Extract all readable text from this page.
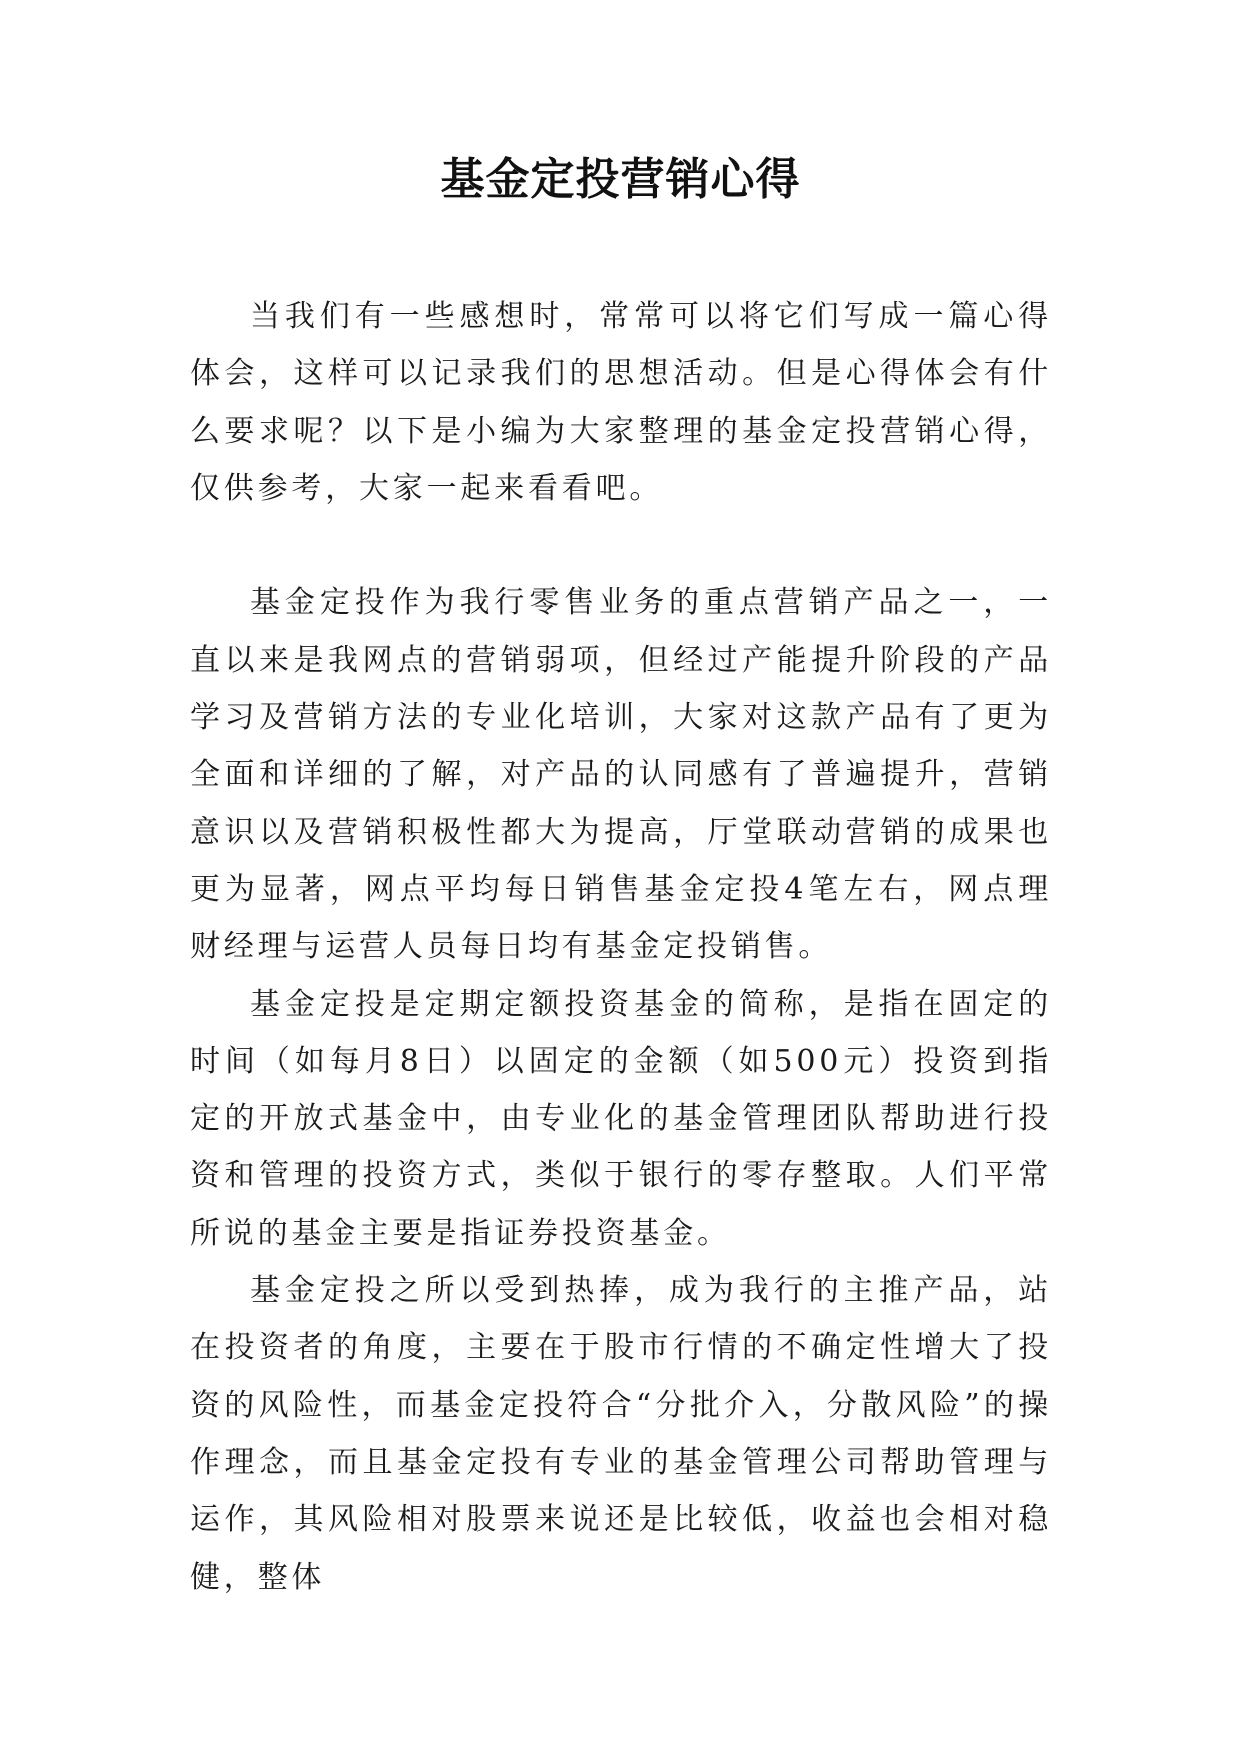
基金定投营销心得

当我们有一些感想时，常常可以将它们写成一篇心得体会，这样可以记录我们的思想活动。但是心得体会有什么要求呢？以下是小编为大家整理的基金定投营销心得，仅供参考，大家一起来看看吧。

基金定投作为我行零售业务的重点营销产品之一，一直以来是我网点的营销弱项，但经过产能提升阶段的产品学习及营销方法的专业化培训，大家对这款产品有了更为全面和详细的了解，对产品的认同感有了普遍提升，营销意识以及营销积极性都大为提高，厅堂联动营销的成果也更为显著，网点平均每日销售基金定投4笔左右，网点理财经理与运营人员每日均有基金定投销售。

基金定投是定期定额投资基金的简称，是指在固定的时间（如每月8日）以固定的金额（如500元）投资到指定的开放式基金中，由专业化的基金管理团队帮助进行投资和管理的投资方式，类似于银行的零存整取。人们平常所说的基金主要是指证券投资基金。

基金定投之所以受到热捧，成为我行的主推产品，站在投资者的角度，主要在于股市行情的不确定性增大了投资的风险性，而基金定投符合“分批介入，分散风险”的操作理念，而且基金定投有专业的基金管理公司帮助管理与运作，其风险相对股票来说还是比较低，收益也会相对稳健，整体
